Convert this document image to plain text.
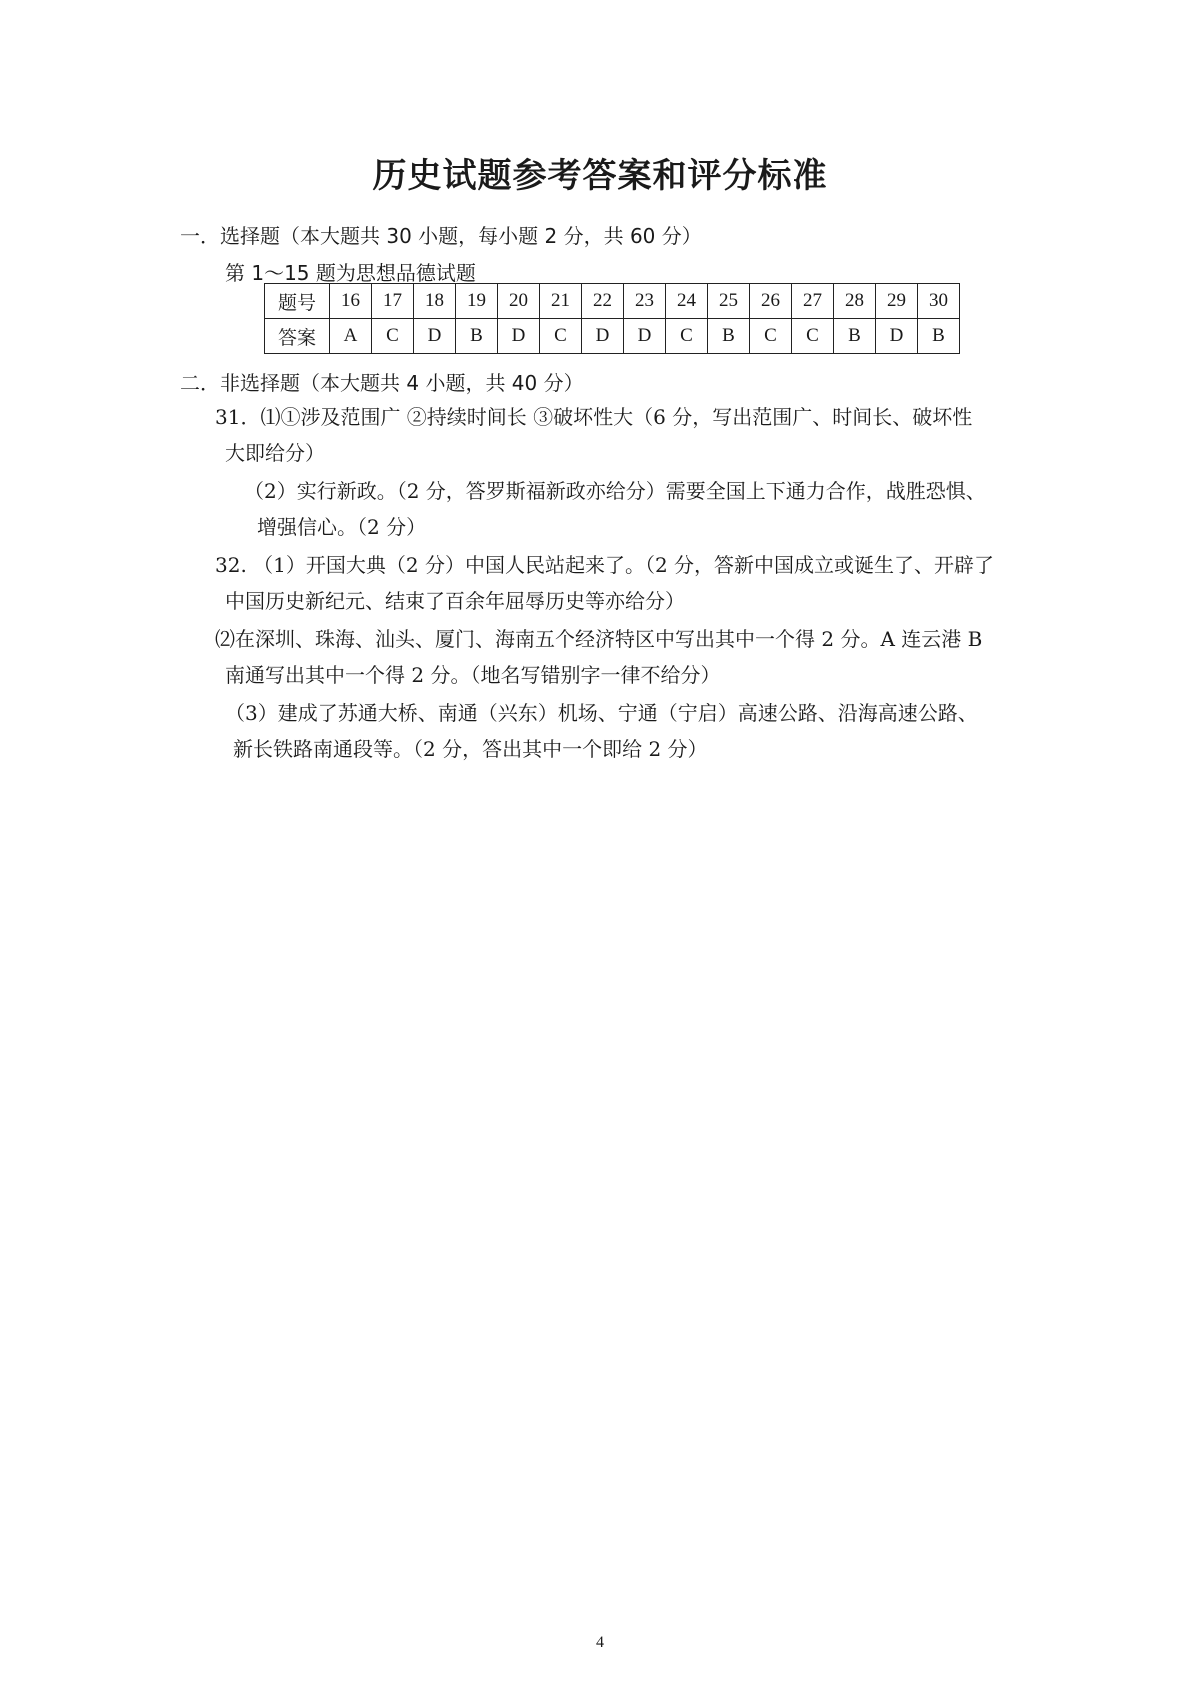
历史试题参考答案和评分标准
一．选择题（本大题共 30 小题，每小题 2 分，共 60 分）
第 1～15 题为思想品德试题
题号	16	17	18	19	20	21	22	23	24	25	26	27	28	29	30
答案	A	C	D	B	D	C	D	D	C	B	C	C	B	D	B
二．非选择题（本大题共 4 小题，共 40 分）
31．⑴①涉及范围广 ②持续时间长 ③破坏性大（6 分，写出范围广、时间长、破坏性
大即给分）
（2）实行新政。（2 分，答罗斯福新政亦给分）需要全国上下通力合作，战胜恐惧、
增强信心。（2 分）
32. （1）开国大典（2 分）中国人民站起来了。（2 分，答新中国成立或诞生了、开辟了
中国历史新纪元、结束了百余年屈辱历史等亦给分）
⑵在深圳、珠海、汕头、厦门、海南五个经济特区中写出其中一个得 2 分。A 连云港 B
南通写出其中一个得 2 分。（地名写错别字一律不给分）
（3）建成了苏通大桥、南通（兴东）机场、宁通（宁启）高速公路、沿海高速公路、
新长铁路南通段等。（2 分，答出其中一个即给 2 分）
4
